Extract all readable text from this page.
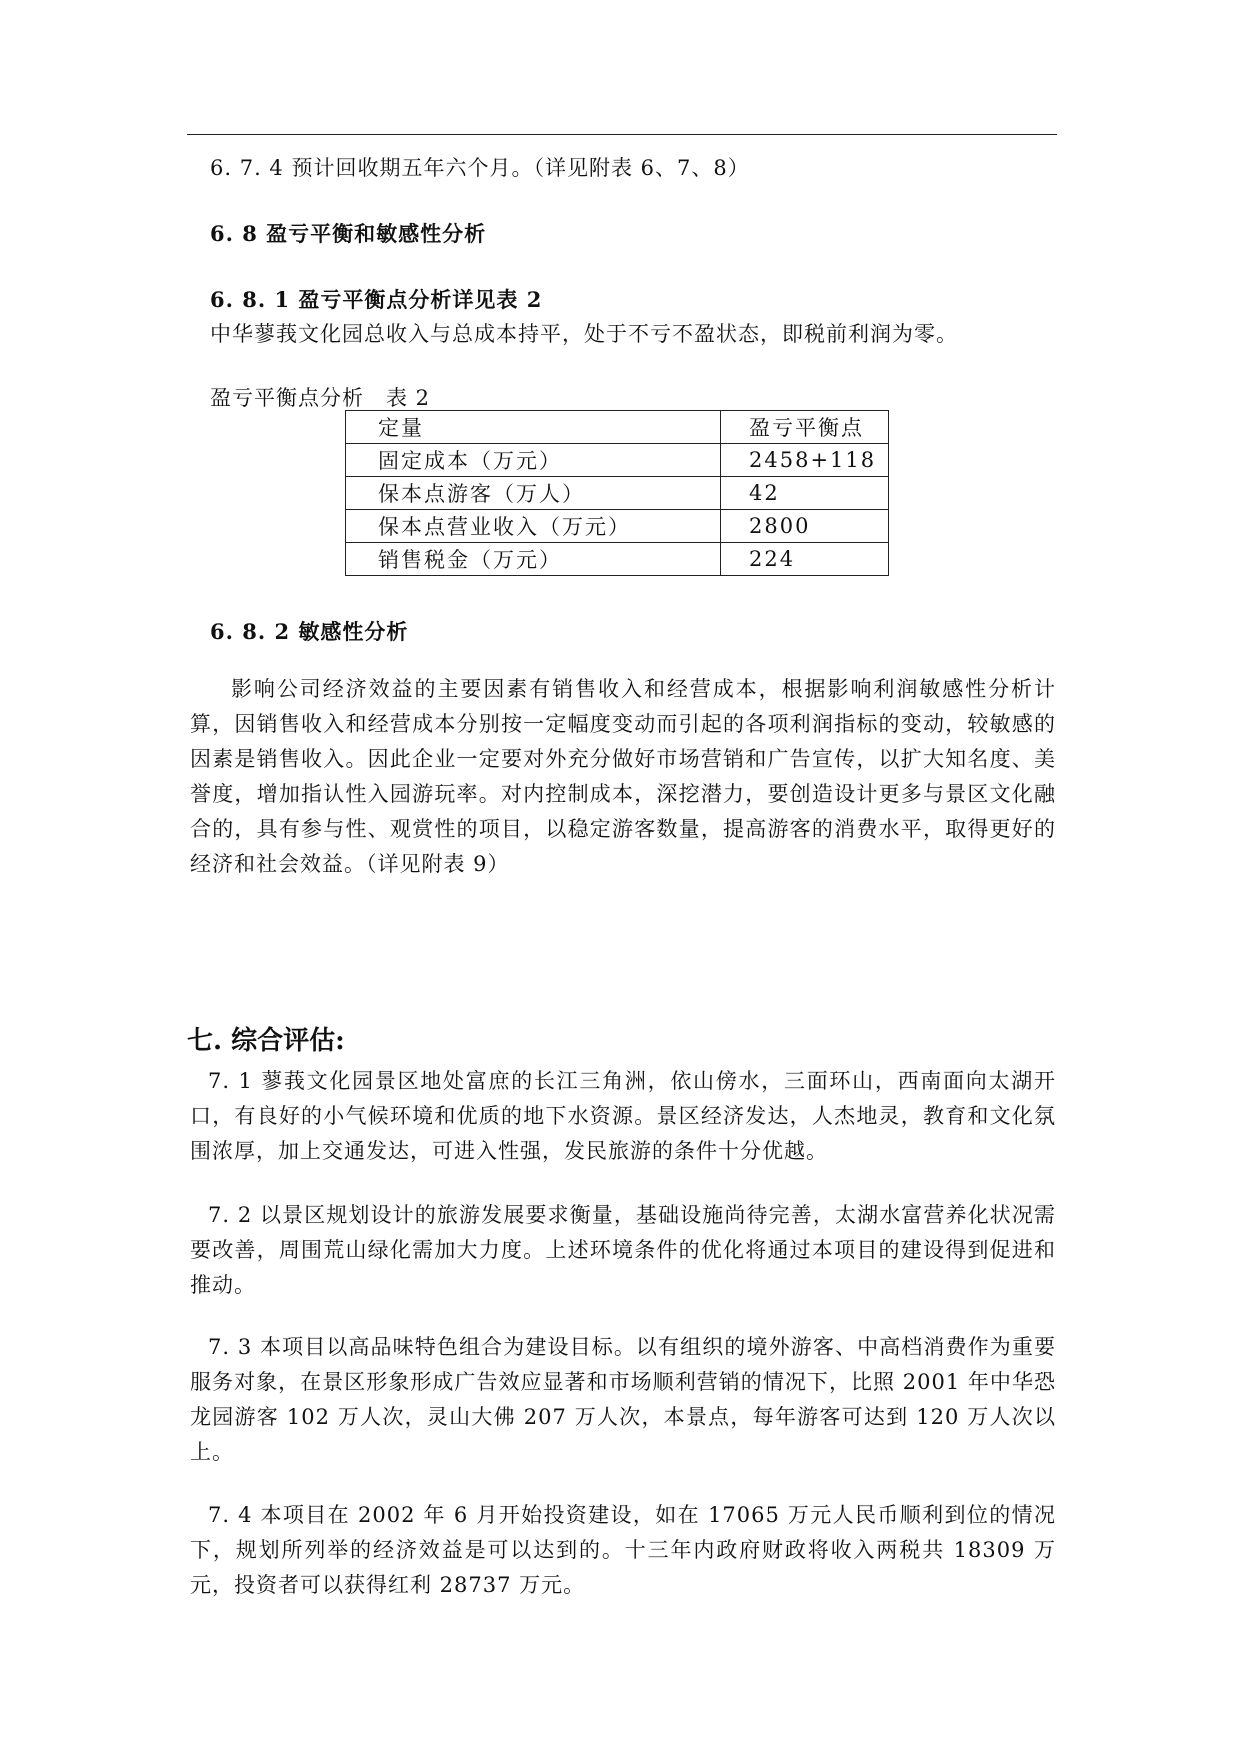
6. 7. 4 预计回收期五年六个月。（详见附表 6、7、8）
6. 8 盈亏平衡和敏感性分析
6. 8. 1 盈亏平衡点分析详见表 2
中华蓼莪文化园总收入与总成本持平，处于不亏不盈状态，即税前利润为零。
盈亏平衡点分析　表 2
定量	盈亏平衡点
固定成本（万元）	2458+118
保本点游客（万人）	42
保本点营业收入（万元）	2800
销售税金（万元）	224
6. 8. 2 敏感性分析
影响公司经济效益的主要因素有销售收入和经营成本，根据影响利润敏感性分析计算，因销售收入和经营成本分别按一定幅度变动而引起的各项利润指标的变动，较敏感的因素是销售收入。因此企业一定要对外充分做好市场营销和广告宣传，以扩大知名度、美誉度，增加指认性入园游玩率。对内控制成本，深挖潜力，要创造设计更多与景区文化融合的，具有参与性、观赏性的项目，以稳定游客数量，提高游客的消费水平，取得更好的经济和社会效益。（详见附表 9）
七. 综合评估:
7. 1 蓼莪文化园景区地处富庶的长江三角洲，依山傍水，三面环山，西南面向太湖开口，有良好的小气候环境和优质的地下水资源。景区经济发达，人杰地灵，教育和文化氛围浓厚，加上交通发达，可进入性强，发民旅游的条件十分优越。
7. 2 以景区规划设计的旅游发展要求衡量，基础设施尚待完善，太湖水富营养化状况需要改善，周围荒山绿化需加大力度。上述环境条件的优化将通过本项目的建设得到促进和推动。
7. 3 本项目以高品味特色组合为建设目标。以有组织的境外游客、中高档消费作为重要服务对象，在景区形象形成广告效应显著和市场顺利营销的情况下，比照 2001 年中华恐龙园游客 102 万人次，灵山大佛 207 万人次，本景点，每年游客可达到 120 万人次以上。
7. 4 本项目在 2002 年 6 月开始投资建设，如在 17065 万元人民币顺利到位的情况下，规划所列举的经济效益是可以达到的。十三年内政府财政将收入两税共 18309 万元，投资者可以获得红利 28737 万元。
